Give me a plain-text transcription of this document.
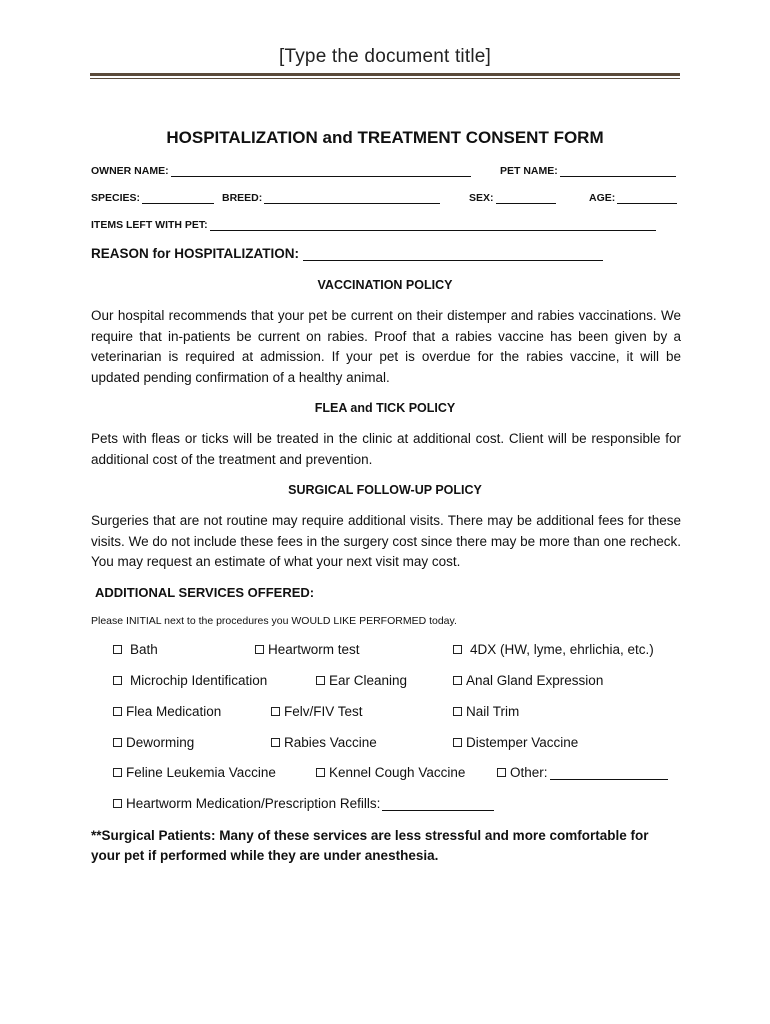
[Type the document title]
HOSPITALIZATION and TREATMENT CONSENT FORM
OWNER NAME:	PET NAME:
SPECIES:	BREED:	SEX:	AGE:
ITEMS LEFT WITH PET:
REASON for HOSPITALIZATION:
VACCINATION POLICY
Our hospital recommends that your pet be current on their distemper and rabies vaccinations. We require that in-patients be current on rabies. Proof that a rabies vaccine has been given by a veterinarian is required at admission. If your pet is overdue for the rabies vaccine, it will be updated pending confirmation of a healthy animal.
FLEA and TICK POLICY
Pets with fleas or ticks will be treated in the clinic at additional cost. Client will be responsible for additional cost of the treatment and prevention.
SURGICAL FOLLOW-UP POLICY
Surgeries that are not routine may require additional visits. There may be additional fees for these visits. We do not include these fees in the surgery cost since there may be more than one recheck. You may request an estimate of what your next visit may cost.
ADDITIONAL SERVICES OFFERED:
Please INITIAL next to the procedures you WOULD LIKE PERFORMED today.
Bath	Heartworm test	4DX (HW, lyme, ehrlichia, etc.)
Microchip Identification	Ear Cleaning	Anal Gland Expression
Flea Medication	Felv/FIV Test	Nail Trim
Deworming	Rabies Vaccine	Distemper Vaccine
Feline Leukemia Vaccine	Kennel Cough Vaccine	Other:
Heartworm Medication/Prescription Refills:
**Surgical Patients: Many of these services are less stressful and more comfortable for
your pet if performed while they are under anesthesia.
